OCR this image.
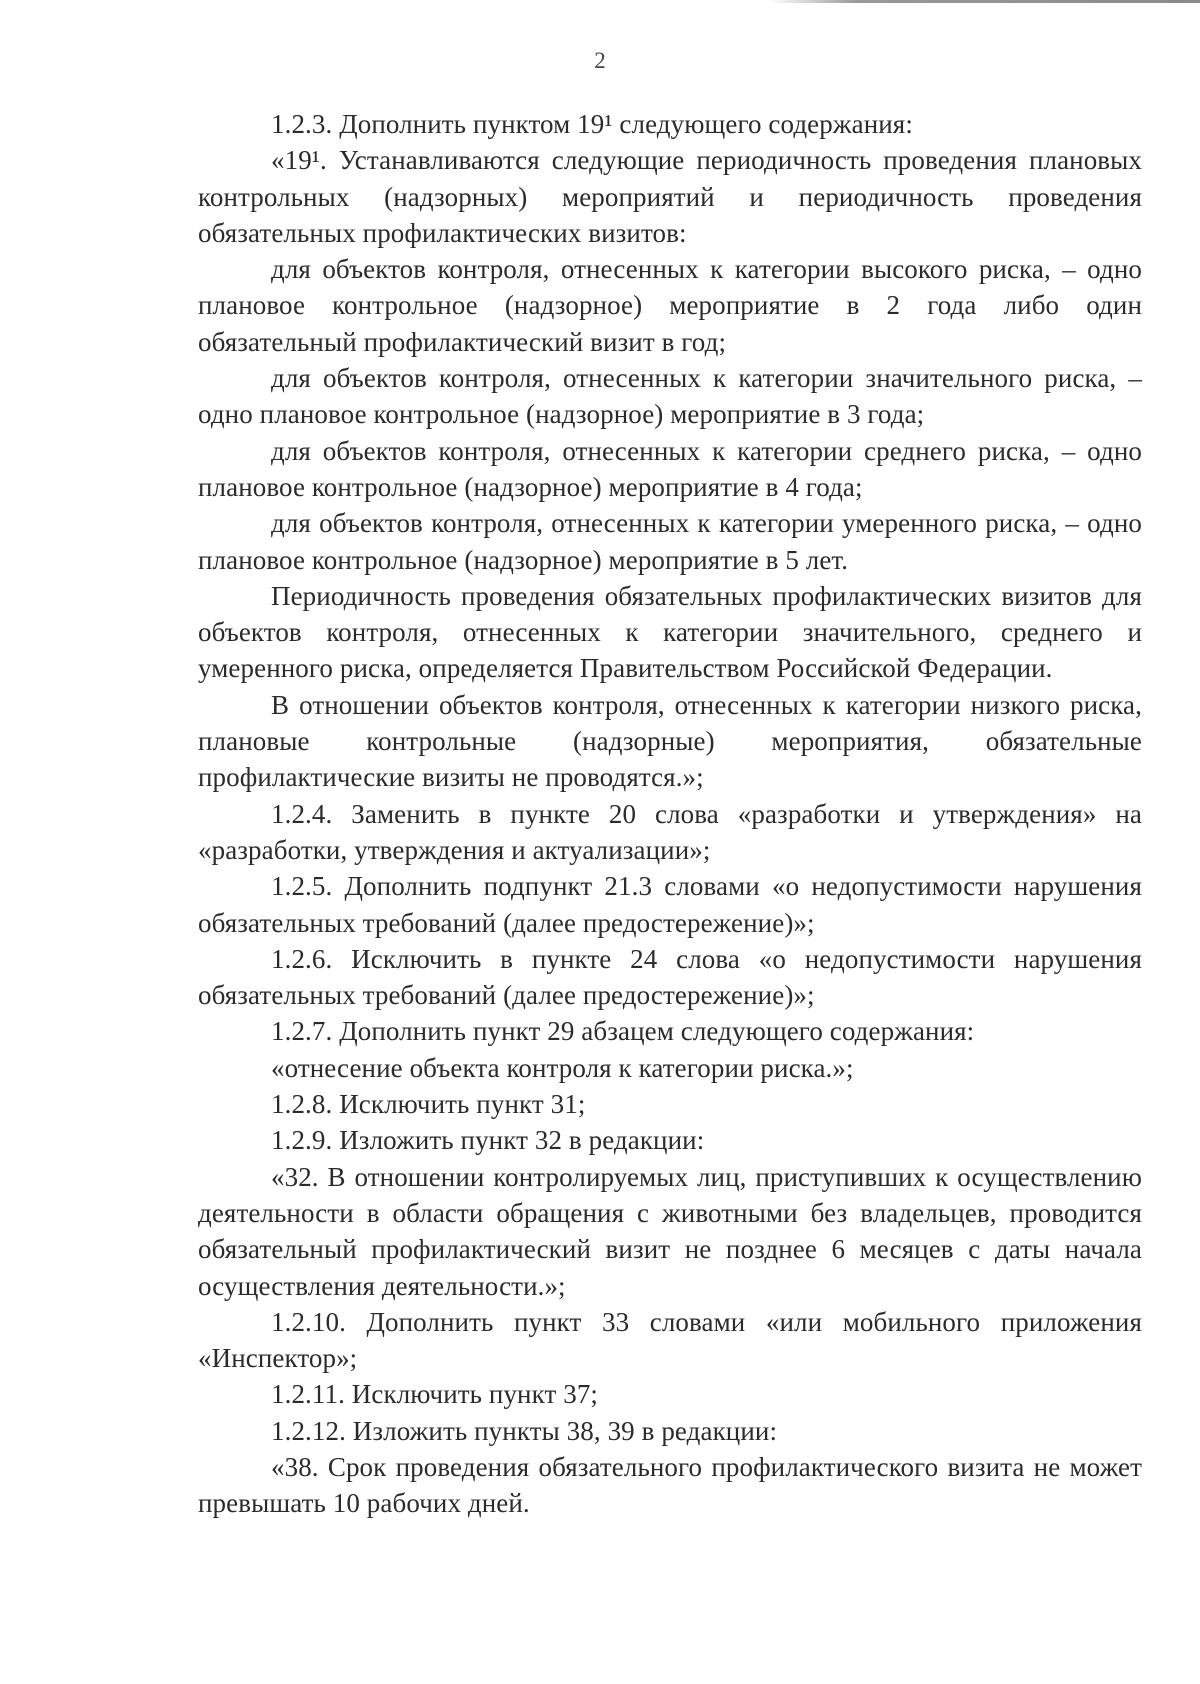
2

1.2.3. Дополнить пунктом 19¹ следующего содержания:

«19¹. Устанавливаются следующие периодичность проведения плановых контрольных (надзорных) мероприятий и периодичность проведения обязательных профилактических визитов:

для объектов контроля, отнесенных к категории высокого риска, – одно плановое контрольное (надзорное) мероприятие в 2 года либо один обязательный профилактический визит в год;

для объектов контроля, отнесенных к категории значительного риска, – одно плановое контрольное (надзорное) мероприятие в 3 года;

для объектов контроля, отнесенных к категории среднего риска, – одно плановое контрольное (надзорное) мероприятие в 4 года;

для объектов контроля, отнесенных к категории умеренного риска, – одно плановое контрольное (надзорное) мероприятие в 5 лет.

Периодичность проведения обязательных профилактических визитов для объектов контроля, отнесенных к категории значительного, среднего и умеренного риска, определяется Правительством Российской Федерации.

В отношении объектов контроля, отнесенных к категории низкого риска, плановые контрольные (надзорные) мероприятия, обязательные профилактические визиты не проводятся.»;

1.2.4. Заменить в пункте 20 слова «разработки и утверждения» на «разработки, утверждения и актуализации»;

1.2.5. Дополнить подпункт 21.3 словами «о недопустимости нарушения обязательных требований (далее предостережение)»;

1.2.6. Исключить в пункте 24 слова «о недопустимости нарушения обязательных требований (далее предостережение)»;

1.2.7. Дополнить пункт 29 абзацем следующего содержания:

«отнесение объекта контроля к категории риска.»;

1.2.8. Исключить пункт 31;

1.2.9. Изложить пункт 32 в редакции:

«32. В отношении контролируемых лиц, приступивших к осуществлению деятельности в области обращения с животными без владельцев, проводится обязательный профилактический визит не позднее 6 месяцев с даты начала осуществления деятельности.»;

1.2.10. Дополнить пункт 33 словами «или мобильного приложения «Инспектор»;

1.2.11. Исключить пункт 37;

1.2.12. Изложить пункты 38, 39 в редакции:

«38. Срок проведения обязательного профилактического визита не может превышать 10 рабочих дней.
